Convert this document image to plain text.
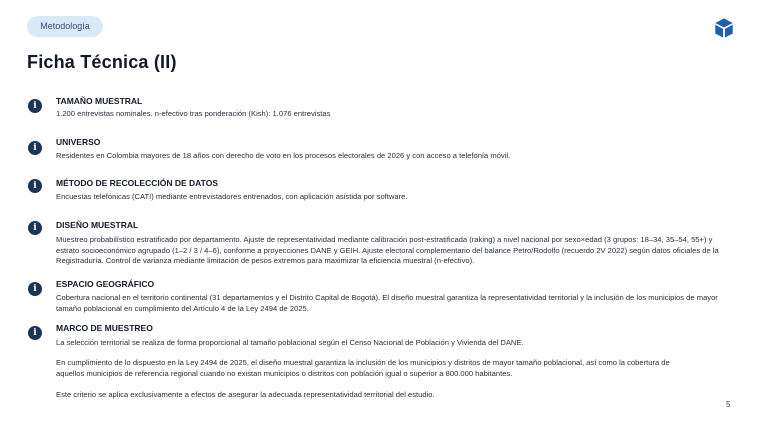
Metodología
Ficha Técnica (II)
i	TAMAÑO MUESTRAL
1.200 entrevistas nominales. n-efectivo tras ponderación (Kish): 1.076 entrevistas
i
UNIVERSO
Residentes en Colombia mayores de 18 años con derecho de voto en los procesos electorales de 2026 y con acceso a telefonía móvil.
i	MÉTODO DE RECOLECCIÓN DE DATOS
Encuestas telefónicas (CATI) mediante entrevistadores entrenados, con aplicación asistida por software.
i	DISEÑO MUESTRAL
Muestreo probabilístico estratificado por departamento. Ajuste de representatividad mediante calibración post-estratificada (raking) a nivel nacional por sexo×edad (3 grupos: 18–34, 35–54, 55+) y estrato socioeconómico agrupado (1–2 / 3 / 4–6), conforme a proyecciones DANE y GEIH. Ajuste electoral complementario del balance Petro/Rodolfo (recuerdo 2V 2022) según datos oficiales de la Registraduría. Control de varianza mediante limitación de pesos extremos para maximizar la eficiencia muestral (n-efectivo).
i	ESPACIO GEOGRÁFICO
Cobertura nacional en el territorio continental (31 departamentos y el Distrito Capital de Bogotá). El diseño muestral garantiza la representatividad territorial y la inclusión de los municipios de mayor tamaño poblacional en cumplimiento del Artículo 4 de la Ley 2494 de 2025.
i	MARCO DE MUESTREO
La selección territorial se realiza de forma proporcional al tamaño poblacional según el Censo Nacional de Población y Vivienda del DANE.
En cumplimiento de lo dispuesto en la Ley 2494 de 2025, el diseño muestral garantiza la inclusión de los municipios y distritos de mayor tamaño poblacional, así como la cobertura de aquellos municipios de referencia regional cuando no existan municipios o distritos con población igual o superior a 800.000 habitantes.
Este criterio se aplica exclusivamente a efectos de asegurar la adecuada representatividad territorial del estudio.
5
